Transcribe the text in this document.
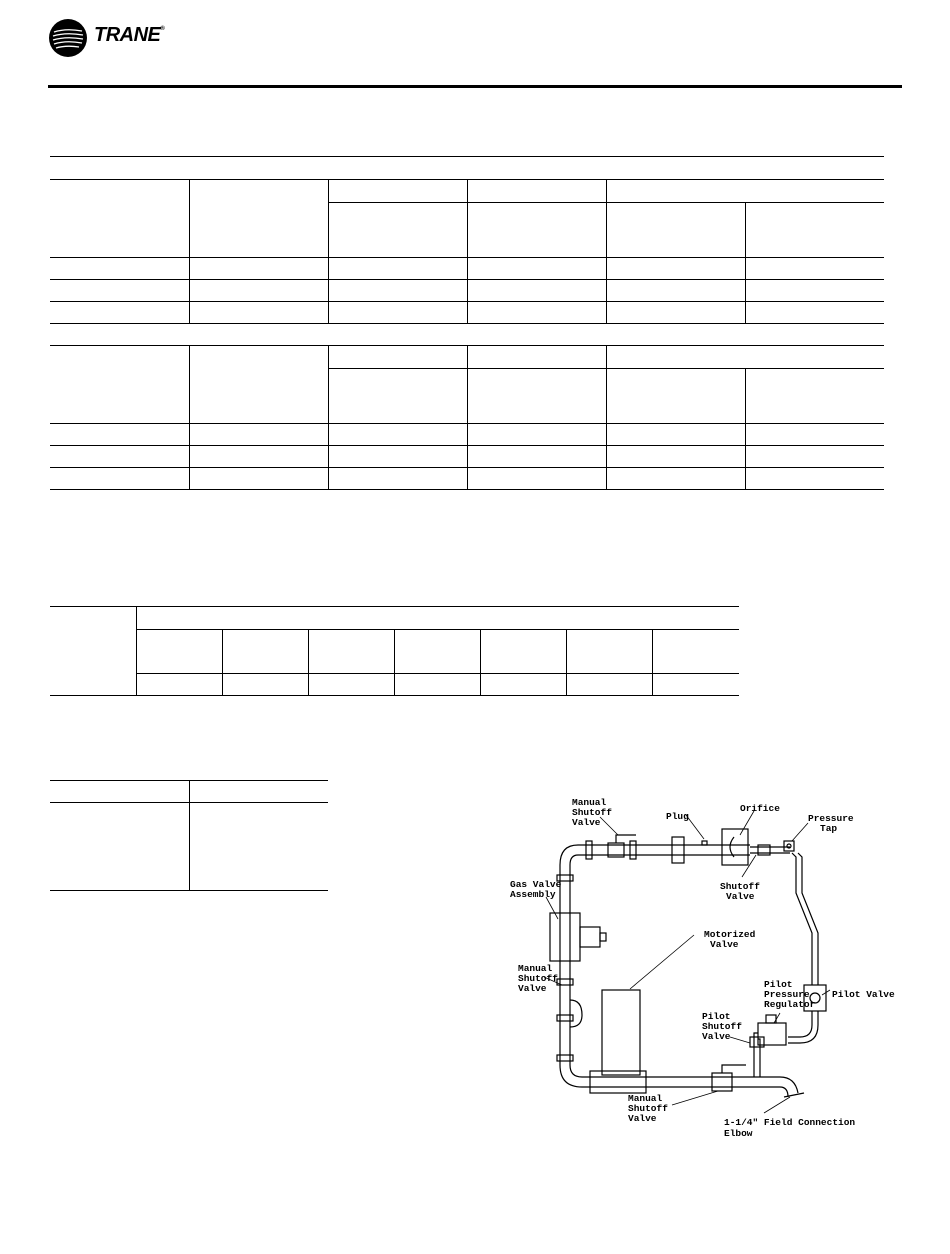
TRANE®

Manual Shutoff Valve
Plug
Orifice
Pressure Tap
Shutoff Valve
Gas Valve Assembly
Motorized Valve
Manual Shutoff Valve	Pilot Pressure Regulator
Pilot Valve
Pilot Shutoff Valve
Manual Shutoff Valve	1-1/4" Field Connection Elbow
